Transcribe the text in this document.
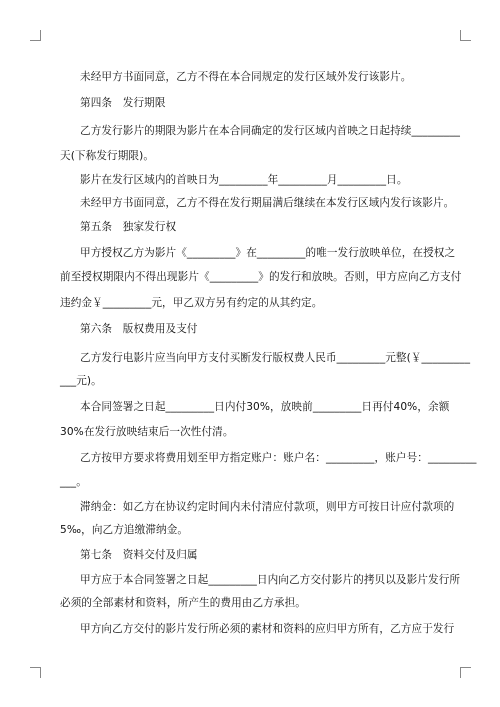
未经甲方书面同意，乙方不得在本合同规定的发行区域外发行该影片。
第四条　发行期限
乙方发行影片的期限为影片在本合同确定的发行区域内首映之日起持续_________
天(下称发行期限)。
影片在发行区域内的首映日为_________年_________月_________日。
未经甲方书面同意，乙方不得在发行期届满后继续在本发行区域内发行该影片。
第五条　独家发行权
甲方授权乙方为影片《_________》在_________的唯一发行放映单位，在授权之
前至授权期限内不得出现影片《_________》的发行和放映。否则，甲方应向乙方支付
违约金￥_________元，甲乙双方另有约定的从其约定。
第六条　版权费用及支付
乙方发行电影片应当向甲方支付买断发行版权费人民币_________元整(￥_________
___元)。
本合同签署之日起_________日内付30%，放映前_________日再付40%，余额
30%在发行放映结束后一次性付清。
乙方按甲方要求将费用划至甲方指定账户：账户名：_________，账户号：_________
___。
滞纳金：如乙方在协议约定时间内未付清应付款项，则甲方可按日计应付款项的
5‰，向乙方追缴滞纳金。
第七条　资料交付及归属
甲方应于本合同签署之日起_________日内向乙方交付影片的拷贝以及影片发行所
必须的全部素材和资料，所产生的费用由乙方承担。
甲方向乙方交付的影片发行所必须的素材和资料的应归甲方所有，乙方应于发行
